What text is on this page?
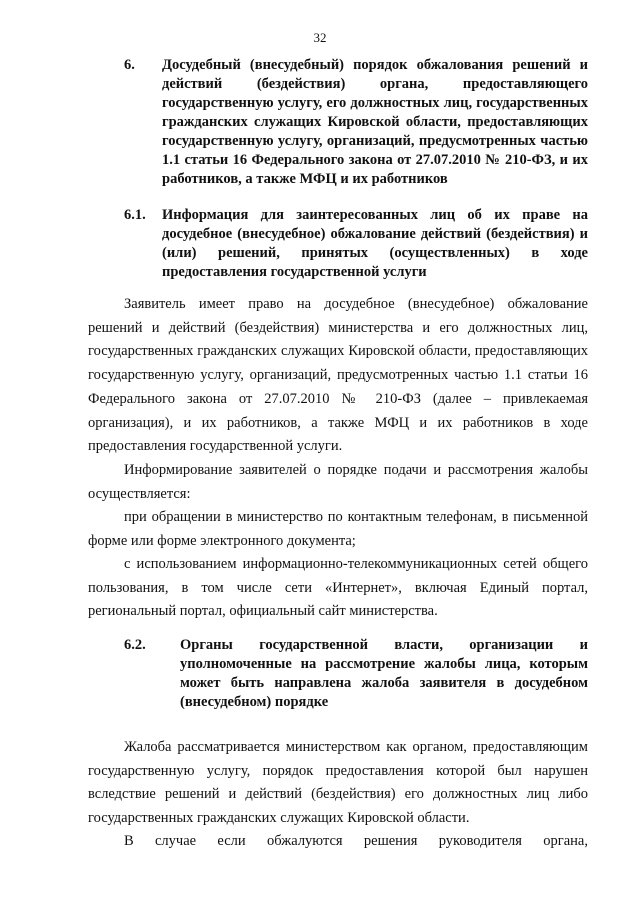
32
6. Досудебный (внесудебный) порядок обжалования решений и действий (бездействия) органа, предоставляющего государственную услугу, его должностных лиц, государственных гражданских служащих Кировской области, предоставляющих государственную услугу, организаций, предусмотренных частью 1.1 статьи 16 Федерального закона от 27.07.2010 № 210-ФЗ, и их работников, а также МФЦ и их работников
6.1. Информация для заинтересованных лиц об их праве на досудебное (внесудебное) обжалование действий (бездействия) и (или) решений, принятых (осуществленных) в ходе предоставления государственной услуги

Заявитель имеет право на досудебное (внесудебное) обжалование решений и действий (бездействия) министерства и его должностных лиц, государственных гражданских служащих Кировской области, предоставляющих государственную услугу, организаций, предусмотренных частью 1.1 статьи 16 Федерального закона от 27.07.2010 № 210-ФЗ (далее – привлекаемая организация), и их работников, а также МФЦ и их работников в ходе предоставления государственной услуги.

Информирование заявителей о порядке подачи и рассмотрения жалобы осуществляется:

при обращении в министерство по контактным телефонам, в письменной форме или форме электронного документа;

с использованием информационно-телекоммуникационных сетей общего пользования, в том числе сети «Интернет», включая Единый портал, региональный портал, официальный сайт министерства.

6.2. Органы государственной власти, организации и уполномоченные на рассмотрение жалобы лица, которым может быть направлена жалоба заявителя в досудебном (внесудебном) порядке

Жалоба рассматривается министерством как органом, предоставляющим государственную услугу, порядок предоставления которой был нарушен вследствие решений и действий (бездействия) его должностных лиц либо государственных гражданских служащих Кировской области.

В случае если обжалуются решения руководителя органа,
